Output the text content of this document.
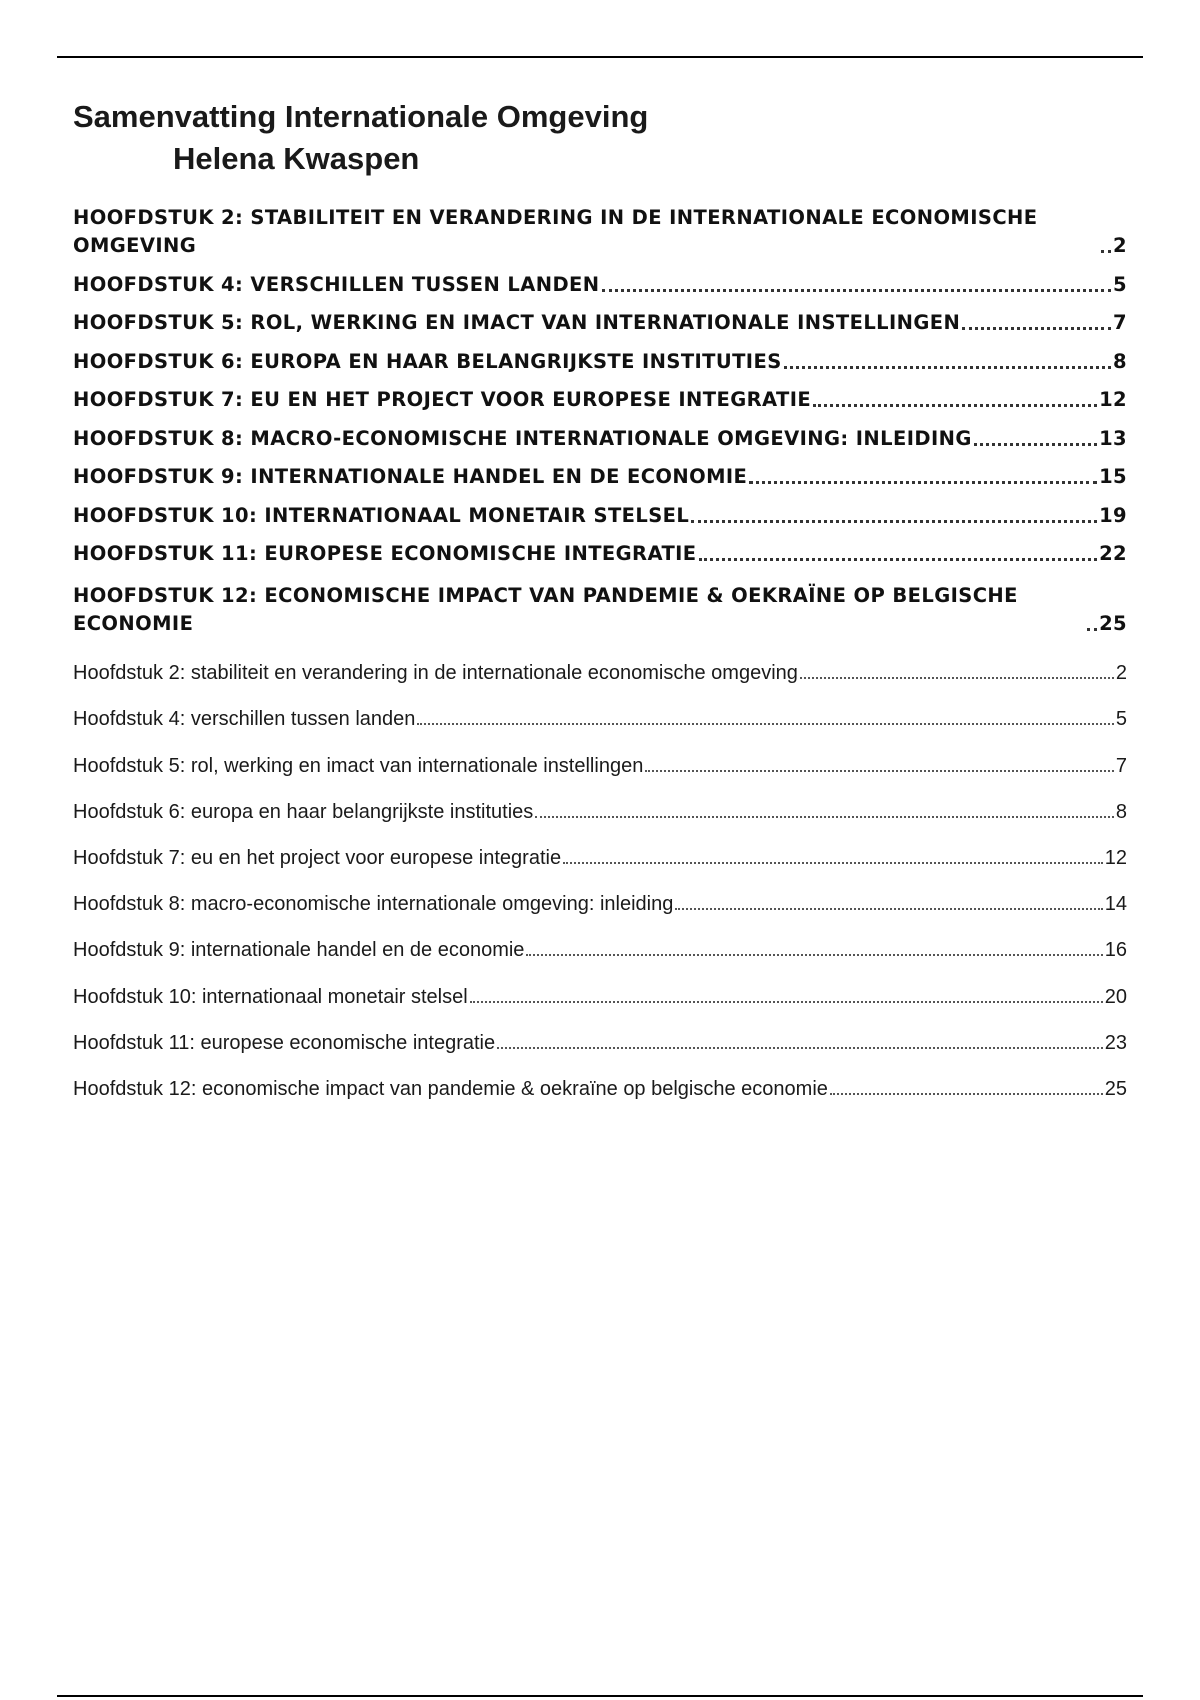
Samenvatting Internationale Omgeving
Helena Kwaspen
HOOFDSTUK 2: STABILITEIT EN VERANDERING IN DE INTERNATIONALE ECONOMISCHE OMGEVING	2
HOOFDSTUK 4: VERSCHILLEN TUSSEN LANDEN	5
HOOFDSTUK 5: ROL, WERKING EN IMACT VAN INTERNATIONALE INSTELLINGEN	7
HOOFDSTUK 6: EUROPA EN HAAR BELANGRIJKSTE INSTITUTIES	8
HOOFDSTUK 7: EU EN HET PROJECT VOOR EUROPESE INTEGRATIE	12
HOOFDSTUK 8: MACRO-ECONOMISCHE INTERNATIONALE OMGEVING: INLEIDING	13
HOOFDSTUK 9: INTERNATIONALE HANDEL EN DE ECONOMIE	15
HOOFDSTUK 10: INTERNATIONAAL MONETAIR STELSEL	19
HOOFDSTUK 11: EUROPESE ECONOMISCHE INTEGRATIE	22
HOOFDSTUK 12: ECONOMISCHE IMPACT VAN PANDEMIE & OEKRAÏNE OP BELGISCHE ECONOMIE	25
Hoofdstuk 2: stabiliteit en verandering in de internationale economische omgeving	2
Hoofdstuk 4: verschillen tussen landen	5
Hoofdstuk 5: rol, werking en imact van internationale instellingen	7
Hoofdstuk 6: europa en haar belangrijkste instituties	8
Hoofdstuk 7: eu en het project voor europese integratie	12
Hoofdstuk 8: macro-economische internationale omgeving: inleiding	14
Hoofdstuk 9: internationale handel en de economie	16
Hoofdstuk 10: internationaal monetair stelsel	20
Hoofdstuk 11: europese economische integratie	23
Hoofdstuk 12: economische impact van pandemie & oekraïne op belgische economie	25
